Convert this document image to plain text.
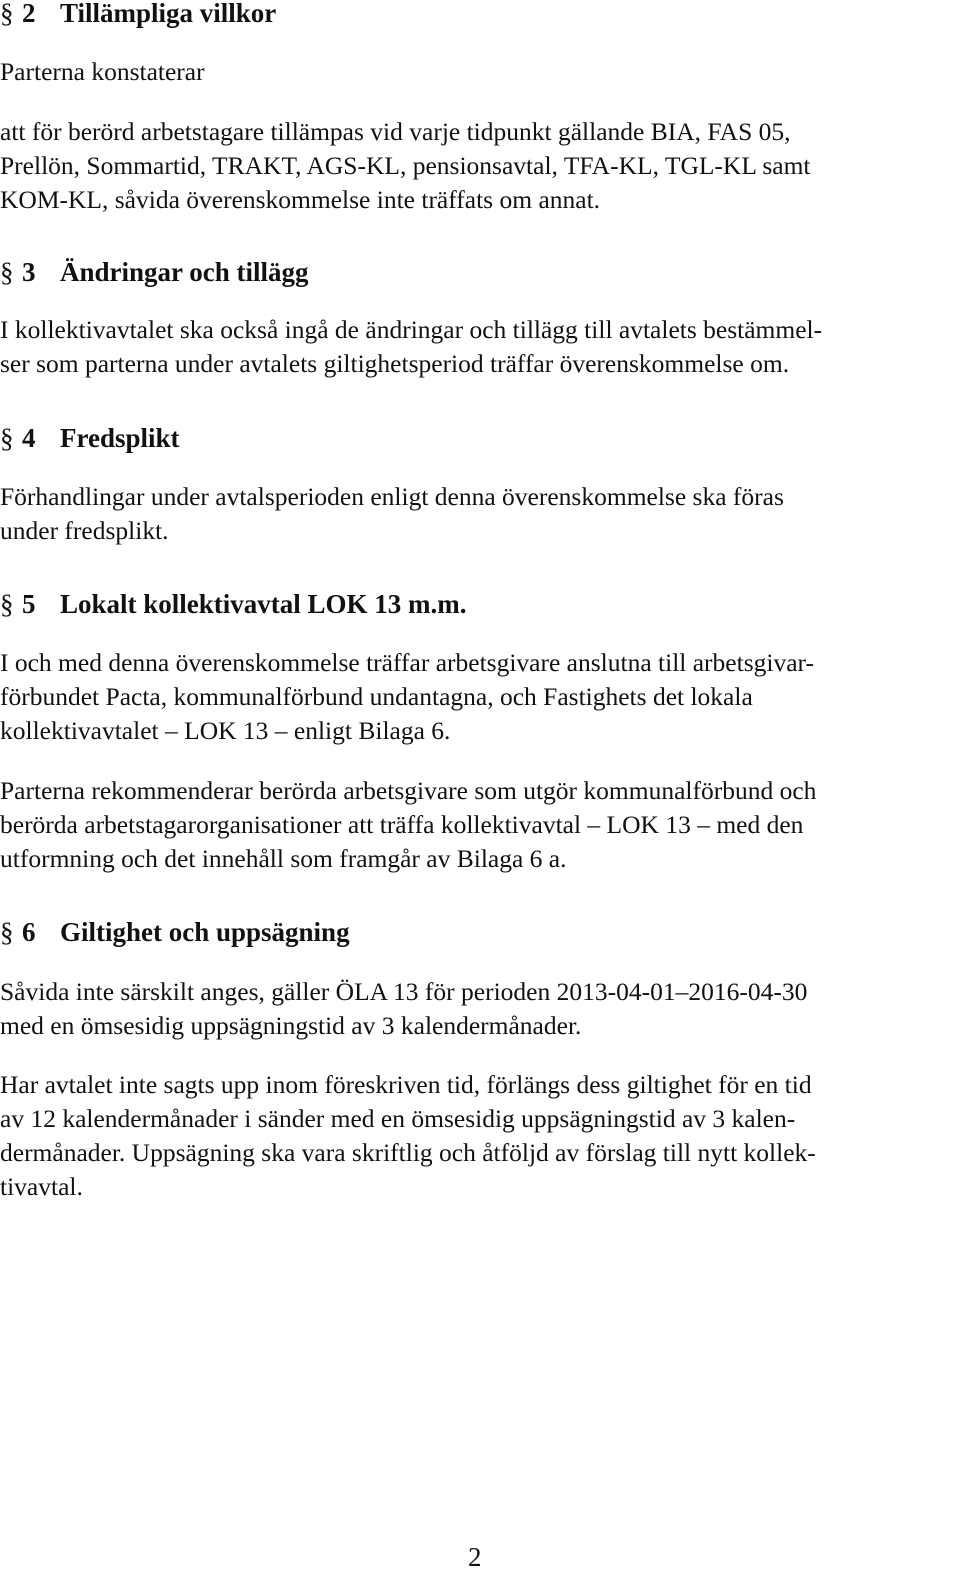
§ 2 Tillämpliga villkor
Parterna konstaterar
att för berörd arbetstagare tillämpas vid varje tidpunkt gällande BIA, FAS 05,
Prellön, Sommartid, TRAKT, AGS-KL, pensionsavtal, TFA-KL, TGL-KL samt
KOM-KL, såvida överenskommelse inte träffats om annat.
§ 3 Ändringar och tillägg
I kollektivavtalet ska också ingå de ändringar och tillägg till avtalets bestämmel-
ser som parterna under avtalets giltighetsperiod träffar överenskommelse om.
§ 4 Fredsplikt
Förhandlingar under avtalsperioden enligt denna överenskommelse ska föras
under fredsplikt.
§ 5 Lokalt kollektivavtal LOK 13 m.m.
I och med denna överenskommelse träffar arbetsgivare anslutna till arbetsgivar-
förbundet Pacta, kommunalförbund undantagna, och Fastighets det lokala
kollektivavtalet – LOK 13 – enligt Bilaga 6.
Parterna rekommenderar berörda arbetsgivare som utgör kommunalförbund och
berörda arbetstagarorganisationer att träffa kollektivavtal – LOK 13 – med den
utformning och det innehåll som framgår av Bilaga 6 a.
§ 6 Giltighet och uppsägning
Såvida inte särskilt anges, gäller ÖLA 13 för perioden 2013-04-01–2016-04-30
med en ömsesidig uppsägningstid av 3 kalendermånader.
Har avtalet inte sagts upp inom föreskriven tid, förlängs dess giltighet för en tid
av 12 kalendermånader i sänder med en ömsesidig uppsägningstid av 3 kalen-
dermånader. Uppsägning ska vara skriftlig och åtföljd av förslag till nytt kollek-
tivavtal.
2
